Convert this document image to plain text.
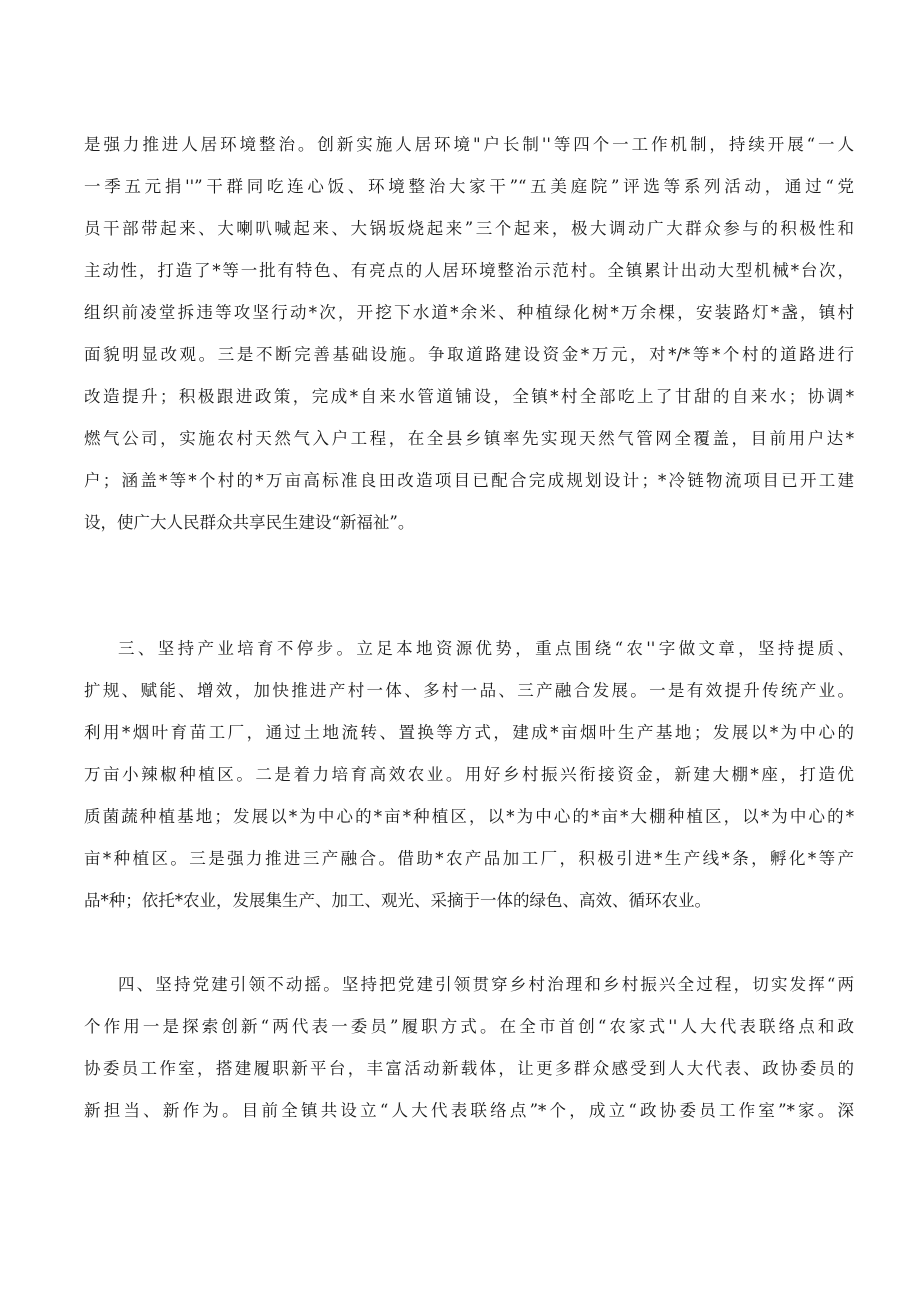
是强力推进人居环境整治。创新实施人居环境"户长制''等四个一工作机制，持续开展“一人
一季五元捐''”干群同吃连心饭、环境整治大家干”“五美庭院”评选等系列活动，通过“党
员干部带起来、大喇叭喊起来、大锅坂烧起来”三个起来，极大调动广大群众参与的积极性和
主动性，打造了*等一批有特色、有亮点的人居环境整治示范村。全镇累计出动大型机械*台次，
组织前凌堂拆违等攻坚行动*次，开挖下水道*余米、种植绿化树*万余棵，安装路灯*盏，镇村
面貌明显改观。三是不断完善基础设施。争取道路建设资金*万元，对*/*等*个村的道路进行
改造提升；积极跟进政策，完成*自来水管道铺设，全镇*村全部吃上了甘甜的自来水；协调*
燃气公司，实施农村天然气入户工程，在全县乡镇率先实现天然气管网全覆盖，目前用户达*
户；涵盖*等*个村的*万亩高标准良田改造项目已配合完成规划设计；*冷链物流项目已开工建
设，使广大人民群众共享民生建设“新福祉”。
三、坚持产业培育不停步。立足本地资源优势，重点围绕“农''字做文章，坚持提质、
扩规、赋能、增效，加快推进产村一体、多村一品、三产融合发展。一是有效提升传统产业。
利用*烟叶育苗工厂，通过土地流转、置换等方式，建成*亩烟叶生产基地；发展以*为中心的
万亩小辣椒种植区。二是着力培育高效农业。用好乡村振兴衔接资金，新建大棚*座，打造优
质菌蔬种植基地；发展以*为中心的*亩*种植区，以*为中心的*亩*大棚种植区，以*为中心的*
亩*种植区。三是强力推进三产融合。借助*农产品加工厂，积极引进*生产线*条，孵化*等产
品*种；依托*农业，发展集生产、加工、观光、采摘于一体的绿色、高效、循环农业。
四、坚持党建引领不动摇。坚持把党建引领贯穿乡村治理和乡村振兴全过程，切实发挥“两
个作用一是探索创新“两代表一委员”履职方式。在全市首创“农家式''人大代表联络点和政
协委员工作室，搭建履职新平台，丰富活动新载体，让更多群众感受到人大代表、政协委员的
新担当、新作为。目前全镇共设立“人大代表联络点”*个，成立“政协委员工作室”*家。深
